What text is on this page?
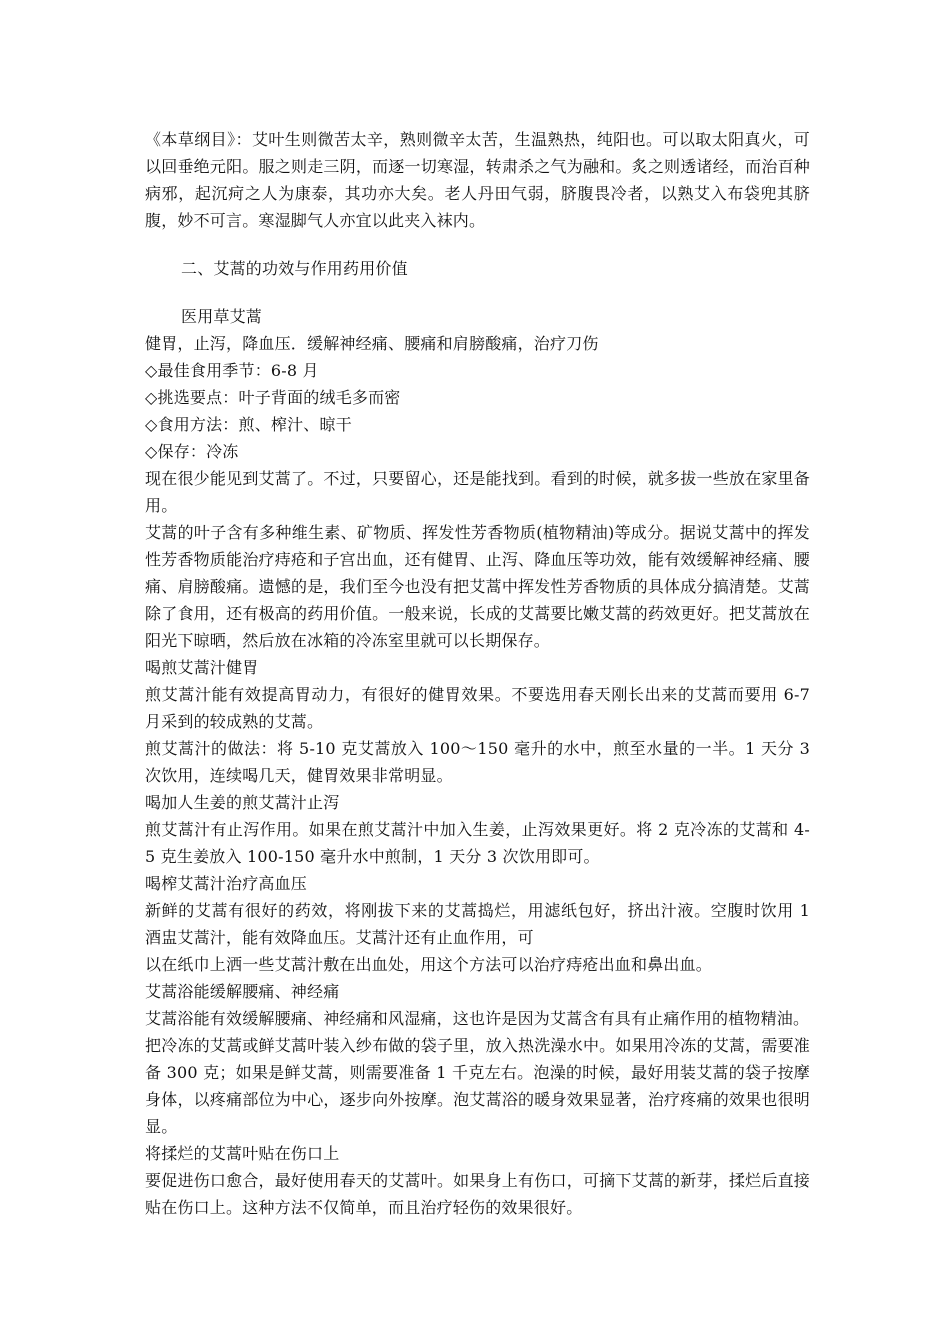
《本草纲目》：艾叶生则微苦太辛，熟则微辛太苦，生温熟热，纯阳也。可以取太阳真火，可以回垂绝元阳。服之则走三阴，而逐一切寒湿，转肃杀之气为融和。炙之则透诸经，而治百种病邪，起沉疴之人为康泰，其功亦大矣。老人丹田气弱，脐腹畏冷者，以熟艾入布袋兜其脐腹，妙不可言。寒湿脚气人亦宜以此夹入袜内。
二、艾蒿的功效与作用药用价值
医用草艾蒿
健胃，止泻，降血压．缓解神经痛、腰痛和肩膀酸痛，治疗刀伤
◇最佳食用季节：6-8 月
◇挑选要点：叶子背面的绒毛多而密
◇食用方法：煎、榨汁、晾干
◇保存：冷冻
现在很少能见到艾蒿了。不过，只要留心，还是能找到。看到的时候，就多拔一些放在家里备用。
艾蒿的叶子含有多种维生素、矿物质、挥发性芳香物质(植物精油)等成分。据说艾蒿中的挥发性芳香物质能治疗痔疮和子宫出血，还有健胃、止泻、降血压等功效，能有效缓解神经痛、腰痛、肩膀酸痛。遗憾的是，我们至今也没有把艾蒿中挥发性芳香物质的具体成分搞清楚。艾蒿除了食用，还有极高的药用价值。一般来说，长成的艾蒿要比嫩艾蒿的药效更好。把艾蒿放在阳光下晾晒，然后放在冰箱的冷冻室里就可以长期保存。
喝煎艾蒿汁健胃
煎艾蒿汁能有效提高胃动力，有很好的健胃效果。不要选用春天刚长出来的艾蒿而要用 6-7 月采到的较成熟的艾蒿。
煎艾蒿汁的做法：将 5-10 克艾蒿放入 100～150 毫升的水中，煎至水量的一半。1 天分 3 次饮用，连续喝几天，健胃效果非常明显。
喝加人生姜的煎艾蒿汁止泻
煎艾蒿汁有止泻作用。如果在煎艾蒿汁中加入生姜，止泻效果更好。将 2 克冷冻的艾蒿和 4-5 克生姜放入 100-150 毫升水中煎制，1 天分 3 次饮用即可。
喝榨艾蒿汁治疗高血压
新鲜的艾蒿有很好的药效，将刚拔下来的艾蒿捣烂，用滤纸包好，挤出汁液。空腹时饮用 1 酒盅艾蒿汁，能有效降血压。艾蒿汁还有止血作用，可
以在纸巾上洒一些艾蒿汁敷在出血处，用这个方法可以治疗痔疮出血和鼻出血。
艾蒿浴能缓解腰痛、神经痛
艾蒿浴能有效缓解腰痛、神经痛和风湿痛，这也许是因为艾蒿含有具有止痛作用的植物精油。
把冷冻的艾蒿或鲜艾蒿叶装入纱布做的袋子里，放入热洗澡水中。如果用冷冻的艾蒿，需要准备 300 克；如果是鲜艾蒿，则需要准备 1 千克左右。泡澡的时候，最好用装艾蒿的袋子按摩身体，以疼痛部位为中心，逐步向外按摩。泡艾蒿浴的暖身效果显著，治疗疼痛的效果也很明显。
将揉烂的艾蒿叶贴在伤口上
要促进伤口愈合，最好使用春天的艾蒿叶。如果身上有伤口，可摘下艾蒿的新芽，揉烂后直接贴在伤口上。这种方法不仅简单，而且治疗轻伤的效果很好。
